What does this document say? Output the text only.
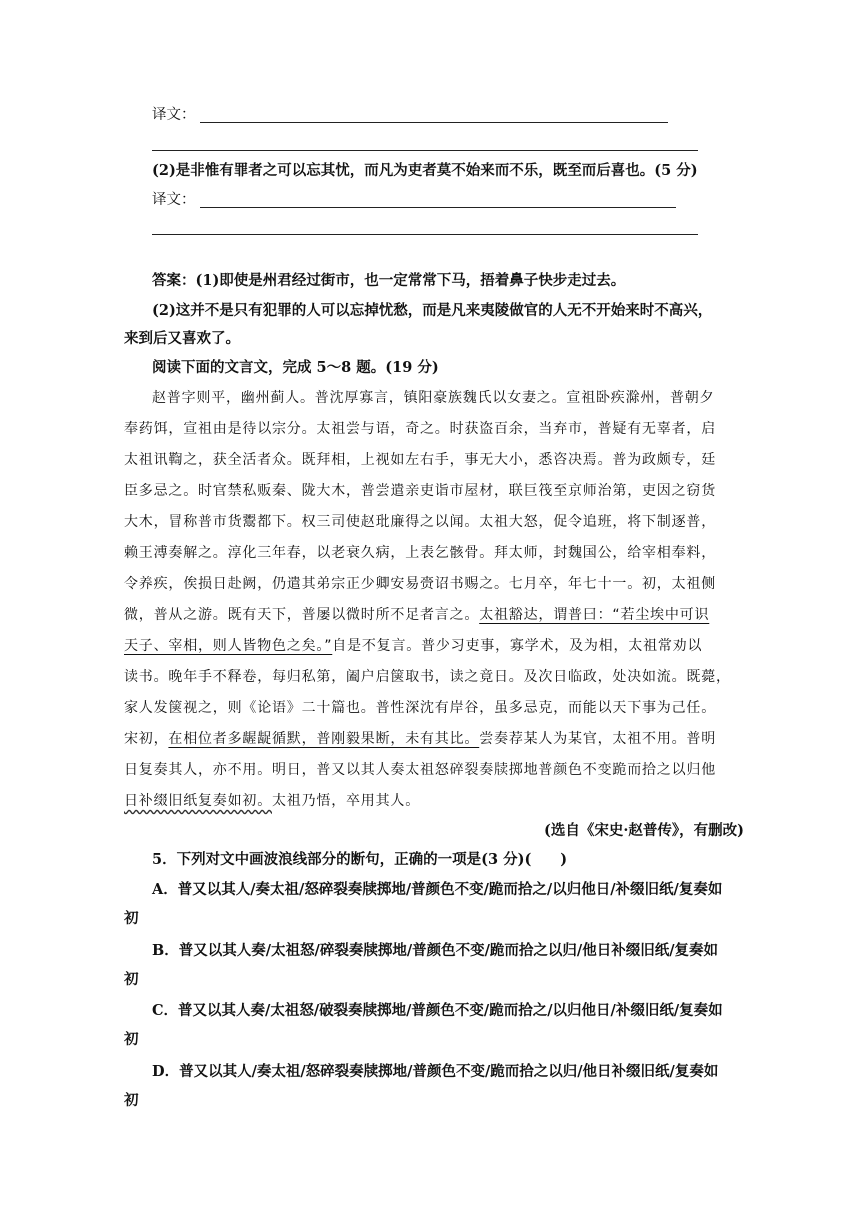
译文：
(2)是非惟有罪者之可以忘其忧，而凡为吏者莫不始来而不乐，既至而后喜也。(5 分)
译文：
答案：(1)即使是州君经过街市，也一定常常下马，捂着鼻子快步走过去。
(2)这并不是只有犯罪的人可以忘掉忧愁，而是凡来夷陵做官的人无不开始来时不高兴，
来到后又喜欢了。
阅读下面的文言文，完成 5～8 题。(19 分)
赵普字则平，幽州蓟人。普沈厚寡言，镇阳豪族魏氏以女妻之。宣祖卧疾滁州，普朝夕
奉药饵，宣祖由是待以宗分。太祖尝与语，奇之。时获盗百余，当弃市，普疑有无辜者，启
太祖讯鞫之，获全活者众。既拜相，上视如左右手，事无大小，悉咨决焉。普为政颇专，廷
臣多忌之。时官禁私贩秦、陇大木，普尝遣亲吏诣市屋材，联巨筏至京师治第，吏因之窃货
大木，冒称普市货鬻都下。权三司使赵玭廉得之以闻。太祖大怒，促令追班，将下制逐普，
赖王溥奏解之。淳化三年春，以老衰久病，上表乞骸骨。拜太师，封魏国公，给宰相奉料，
令养疾，俟损日赴阙，仍遣其弟宗正少卿安易赍诏书赐之。七月卒，年七十一。初，太祖侧
微，普从之游。既有天下，普屡以微时所不足者言之。太祖豁达，谓普曰：“若尘埃中可识
天子、宰相，则人皆物色之矣。”自是不复言。普少习吏事，寡学术，及为相，太祖常劝以
读书。晚年手不释卷，每归私第，阖户启箧取书，读之竟日。及次日临政，处决如流。既薨，
家人发箧视之，则《论语》二十篇也。普性深沈有岸谷，虽多忌克，而能以天下事为己任。
宋初，在相位者多龌龊循默，普刚毅果断，未有其比。尝奏荐某人为某官，太祖不用。普明
日复奏其人，亦不用。明日，普又以其人奏太祖怒碎裂奏牍掷地普颜色不变跪而拾之以归他
日补缀旧纸复奏如初。太祖乃悟，卒用其人。
(选自《宋史·赵普传》，有删改)
5．下列对文中画波浪线部分的断句，正确的一项是(3 分)(　　)
A．普又以其人/奏太祖/怒碎裂奏牍掷地/普颜色不变/跪而拾之/以归他日/补缀旧纸/复奏如
初
B．普又以其人奏/太祖怒/碎裂奏牍掷地/普颜色不变/跪而拾之以归/他日补缀旧纸/复奏如
初
C．普又以其人奏/太祖怒/破裂奏牍掷地/普颜色不变/跪而拾之/以归他日/补缀旧纸/复奏如
初
D．普又以其人/奏太祖/怒碎裂奏牍掷地/普颜色不变/跪而拾之以归/他日补缀旧纸/复奏如
初
